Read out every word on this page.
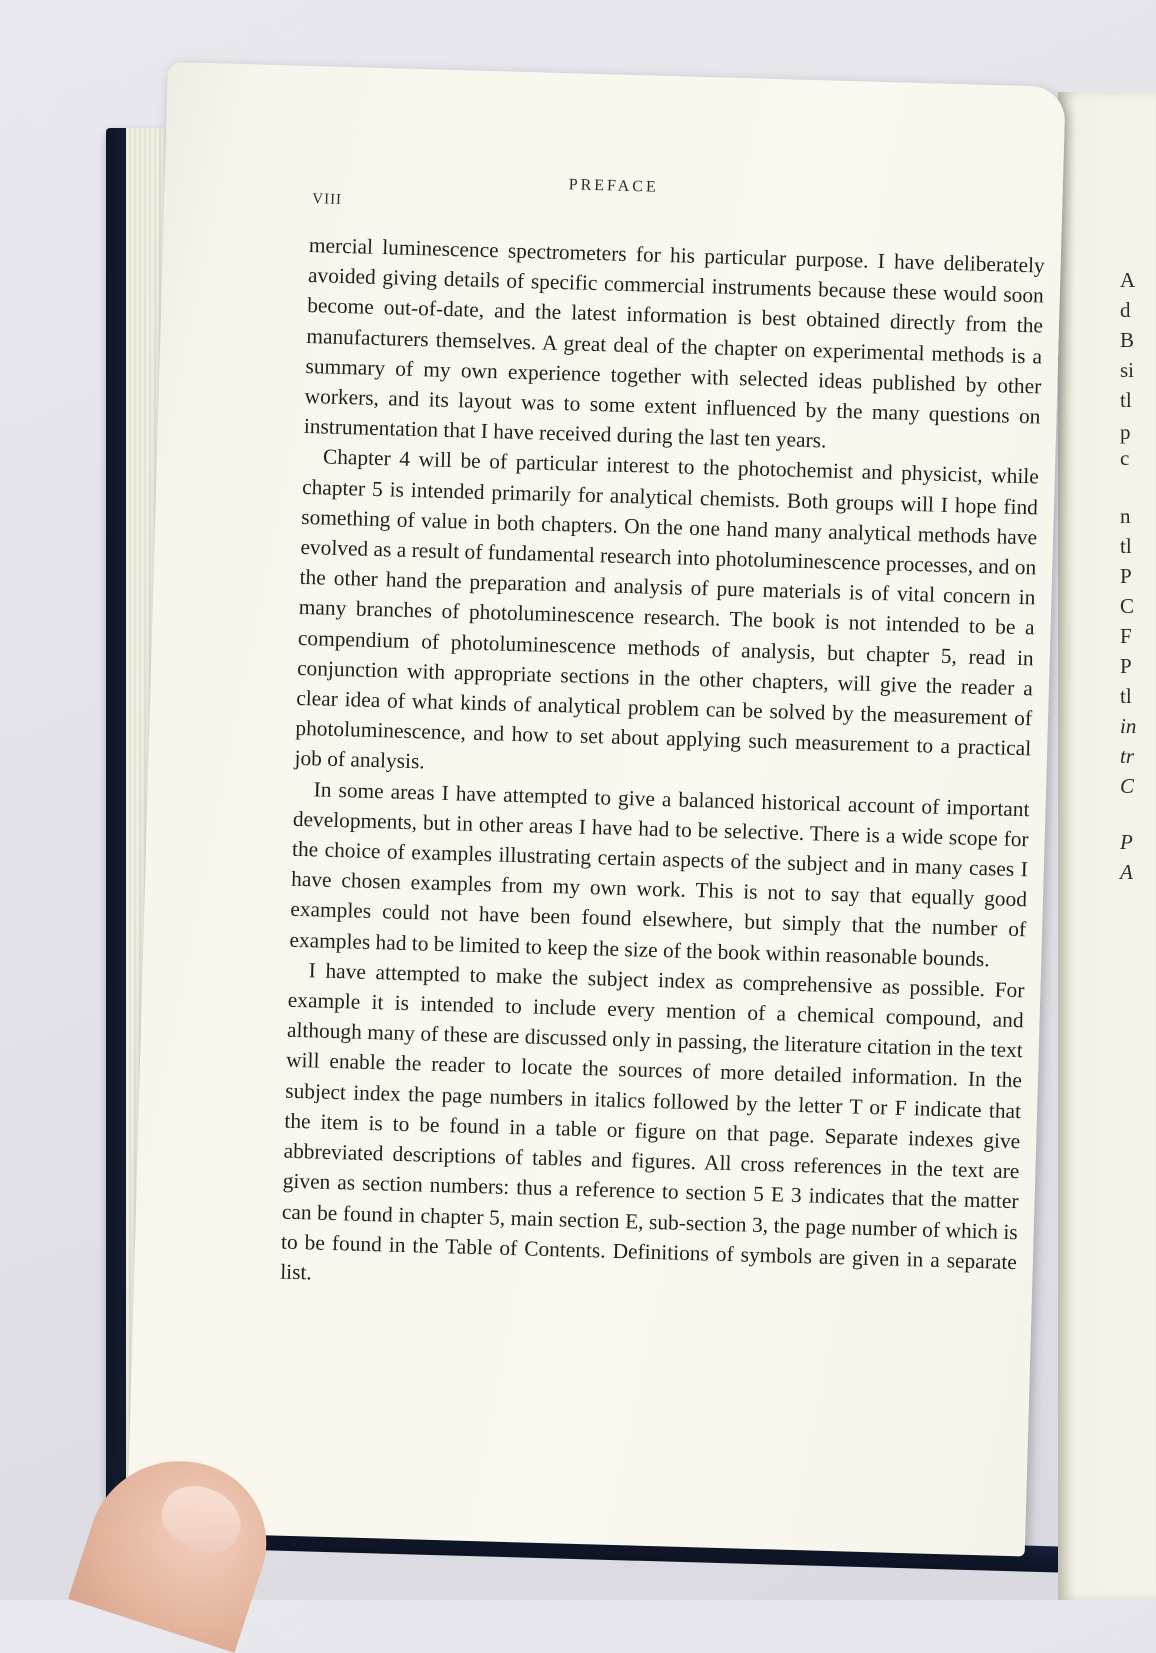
A
d
B
si
tl
p
c
n
tl
P
C
F
P
tl
in
tr
C
P
A
PREFACE
VIII

mercial luminescence spectrometers for his particular purpose. I have deliberately avoided giving details of specific commercial instruments because these would soon become out-of-date, and the latest information is best obtained directly from the manufacturers themselves. A great deal of the chapter on experimental methods is a summary of my own experience together with selected ideas published by other workers, and its layout was to some extent influenced by the many questions on instrumentation that I have received during the last ten years.

Chapter 4 will be of particular interest to the photochemist and physicist, while chapter 5 is intended primarily for analytical chemists. Both groups will I hope find something of value in both chapters. On the one hand many analytical methods have evolved as a result of fundamental research into photoluminescence processes, and on the other hand the preparation and analysis of pure materials is of vital concern in many branches of photoluminescence research. The book is not intended to be a compendium of photoluminescence methods of analysis, but chapter 5, read in conjunction with appropriate sections in the other chapters, will give the reader a clear idea of what kinds of analytical problem can be solved by the measurement of photoluminescence, and how to set about applying such measurement to a practical job of analysis.

In some areas I have attempted to give a balanced historical account of important developments, but in other areas I have had to be selective. There is a wide scope for the choice of examples illustrating certain aspects of the subject and in many cases I have chosen examples from my own work. This is not to say that equally good examples could not have been found elsewhere, but simply that the number of examples had to be limited to keep the size of the book within reasonable bounds.

I have attempted to make the subject index as comprehensive as possible. For example it is intended to include every mention of a chemical compound, and although many of these are discussed only in passing, the literature citation in the text will enable the reader to locate the sources of more detailed information. In the subject index the page numbers in italics followed by the letter T or F indicate that the item is to be found in a table or figure on that page. Separate indexes give abbreviated descriptions of tables and figures. All cross references in the text are given as section numbers: thus a reference to section 5 E 3 indicates that the matter can be found in chapter 5, main section E, sub-section 3, the page number of which is to be found in the Table of Contents. Definitions of symbols are given in a separate list.
